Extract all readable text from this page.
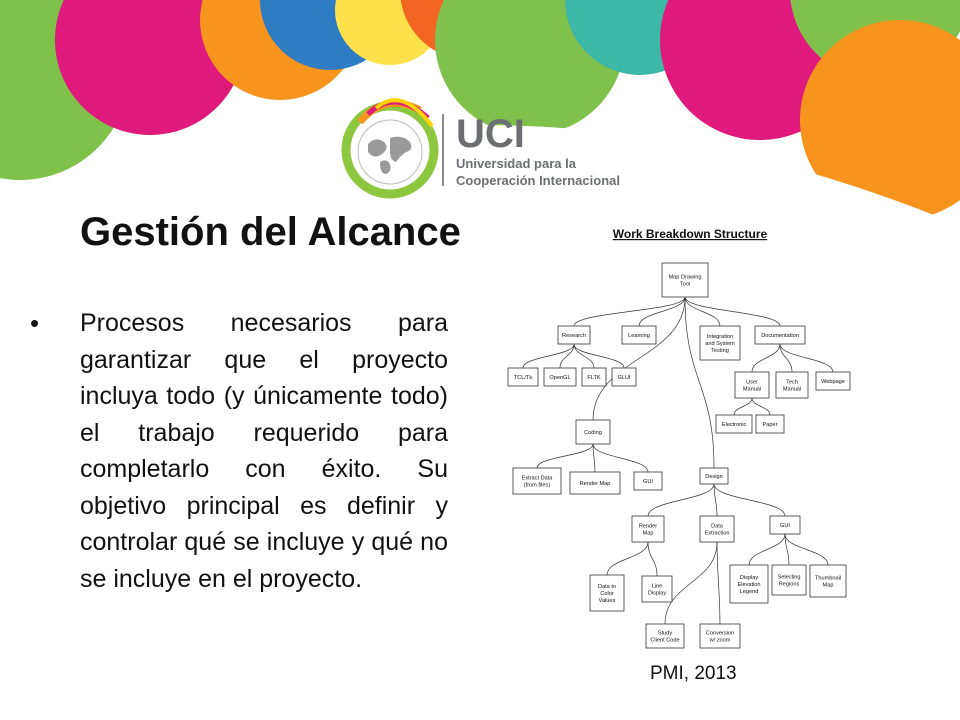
UCI
Universidad para la
Cooperación Internacional
Gestión del Alcance
• Procesos necesarios para garantizar que el proyecto incluya todo (y únicamente todo) el trabajo requerido para completarlo con éxito. Su objetivo principal es definir y controlar qué se incluye y qué no se incluye en el proyecto.
Work Breakdown Structure
Map Drawing
Tool
Research	Learning	Integration
and System
Testing
Documentation
TCL/Tk	OpenGL	FLTK	GLUI
User
Manual
Tech
Manual
Webpage
Electronic	Paper
Coding
Extract Data
(from files)	Render Map	GUI
Design
Render
Map
Data
Extraction
GUI
Data to
Color
Values
Line
Display
Study
Client Code
Conversion
w/ zoom
Display
Elevation
Legend
Selecting
Regions
Thumbnail
Map
PMI, 2013
